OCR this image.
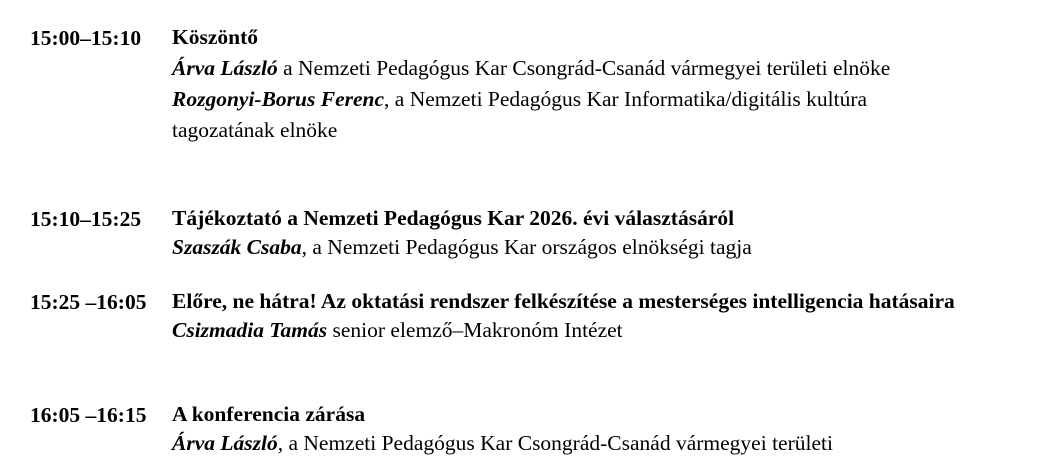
15:00–15:10 Köszöntő

Árva László a Nemzeti Pedagógus Kar Csongrád-Csanád vármegyei területi elnöke

Rozgonyi-Borus Ferenc, a Nemzeti Pedagógus Kar Informatika/digitális kultúra tagozatának elnöke

15:10–15:25 Tájékoztató a Nemzeti Pedagógus Kar 2026. évi választásáról

Szaszák Csaba, a Nemzeti Pedagógus Kar országos elnökségi tagja

15:25 –16:05 Előre, ne hátra! Az oktatási rendszer felkészítése a mesterséges intelligencia hatásaira

Csizmadia Tamás senior elemző–Makronóm Intézet

16:05 –16:15 A konferencia zárása

Árva László, a Nemzeti Pedagógus Kar Csongrád-Csanád vármegyei területi
